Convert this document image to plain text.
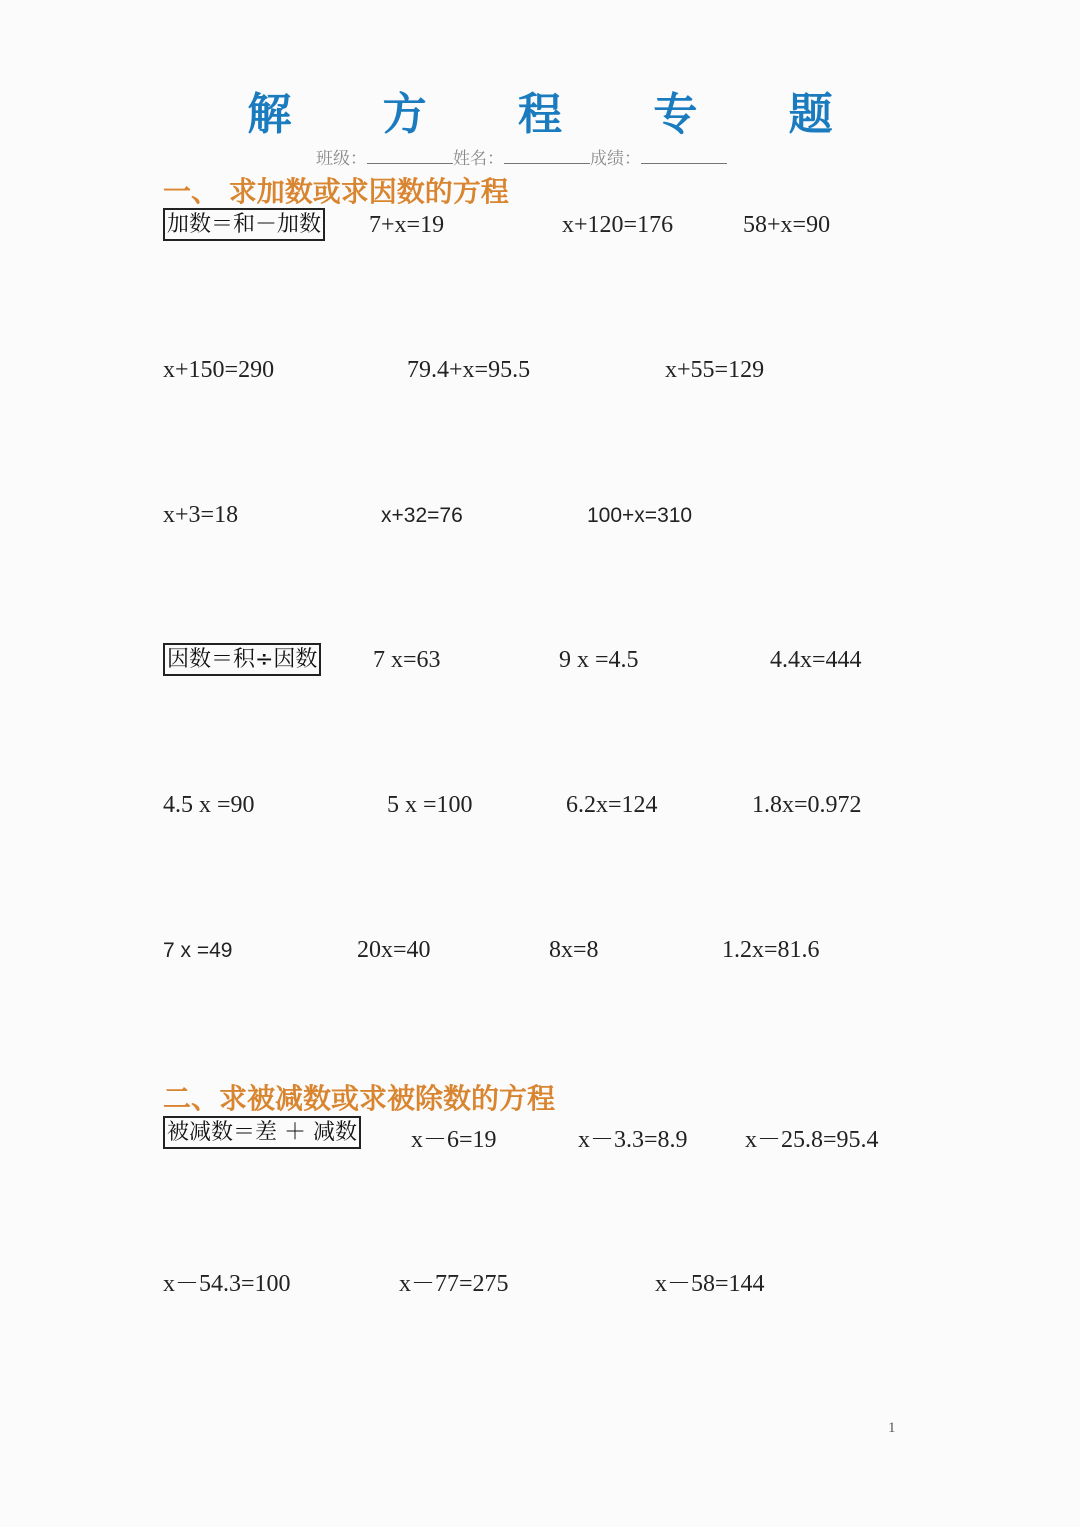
解 方 程 专 题
班级：	姓名：	成绩：
一、 求加数或求因数的方程
加数＝和－加数 7+x=19	x+120=176	58+x=90
x+150=290	79.4+x=95.5	x+55=129
x+3=18	x+32=76	100+x=310
因数＝积÷因数 7 x=63	9 x =4.5	4.4x=444
4.5 x =90	5 x =100	6.2x=124	1.8x=0.972
7 x =49	20x=40	8x=8	1.2x=81.6
二、求被减数或求被除数的方程
被减数＝差 ＋ 减数 x－6=19	x－3.3=8.9 x－25.8=95.4
x－54.3=100	x－77=275	x－58=144
1
